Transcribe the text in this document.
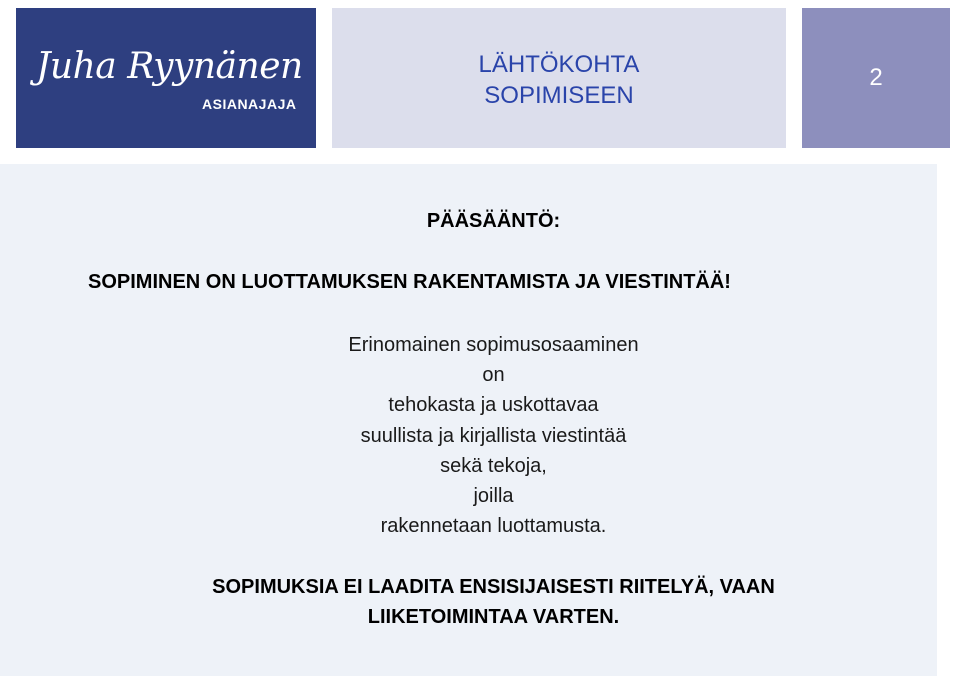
Juha Ryynänen
ASIANAJAJA
LÄHTÖKOHTA
SOPIMISEEN
2
PÄÄSÄÄNTÖ:
SOPIMINEN ON LUOTTAMUKSEN RAKENTAMISTA JA VIESTINTÄÄ!
Erinomainen sopimusosaaminen
on
tehokasta ja uskottavaa
suullista ja kirjallista viestintää
sekä tekoja,
joilla
rakennetaan luottamusta.
SOPIMUKSIA EI LAADITA ENSISIJAISESTI RIITELYÄ, VAAN
LIIKETOIMINTAA VARTEN.
